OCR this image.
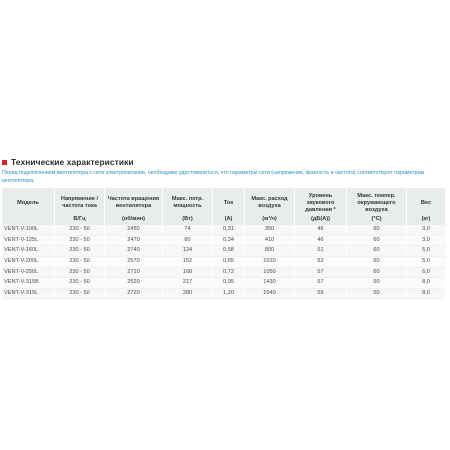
Технические характеристики
Перед подключением вентилятора к сети электропитания, необходимо удостовериться, что параметры сети (напряжение, фазность и частота) соответствуют параметрам вентилятора.
Модель	Напряжение / частота тока	Частота вращения вентилятора	Макс. потр. мощность	Ток	Макс. расход воздуха	Уровень звукового давления *	Макс. темпер. окружающего воздуха	Вес
	В/Гц	(об/мин)	(Вт)	(А)	(м³/ч)	(дБ(А))	(°С)	(кг)
VENT-V-100L	230 - 50	2450	74	0,31	350	46	60	3,0
VENT-V-125L	230 - 50	2470	80	0,34	410	46	60	3,0
VENT-V-160L	230 - 50	2740	124	0,58	800	51	60	5,0
VENT-V-200L	230 - 50	2570	152	0,65	1020	52	60	5,0
VENT-V-250L	230 - 50	2710	168	0,72	1050	57	60	6,0
VENT-V-315В	230 - 50	2520	217	0,95	1430	57	50	8,0
VENT-V-315L	230 - 50	2720	280	1,20	1540	59	50	8,0
